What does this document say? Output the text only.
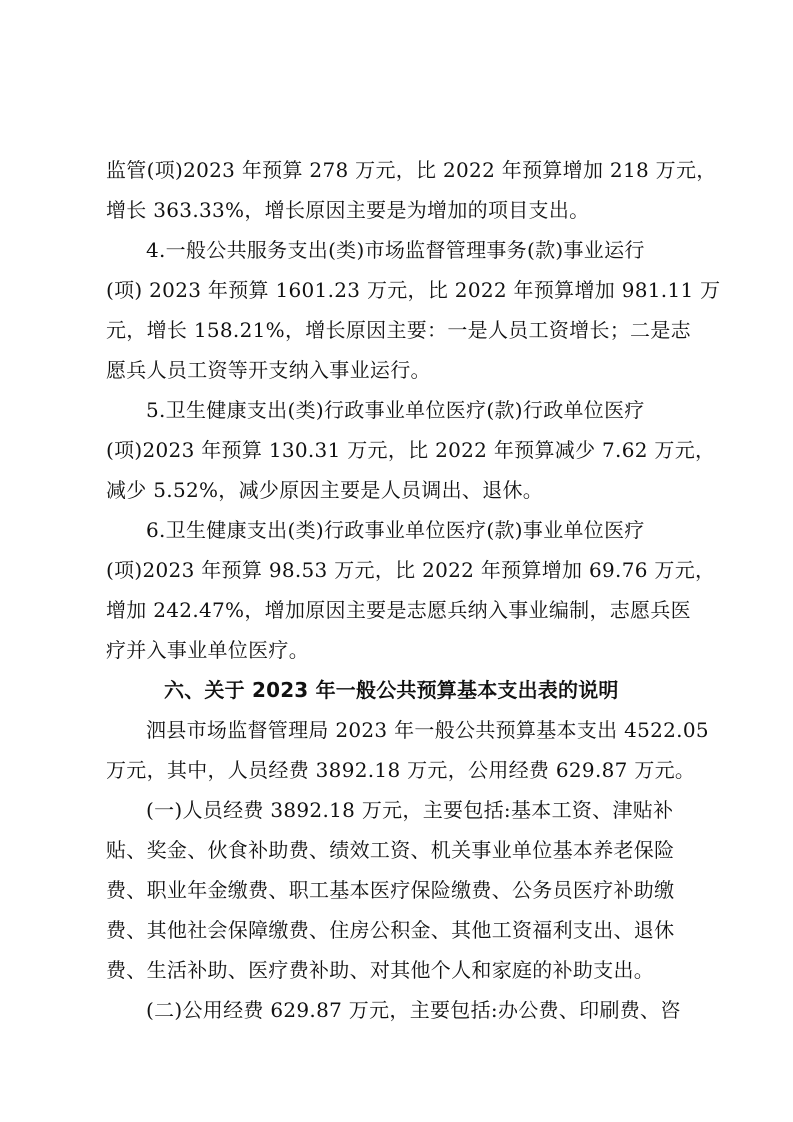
监管(项)2023 年预算 278 万元，比 2022 年预算增加 218 万元，
增长 363.33%，增长原因主要是为增加的项目支出。
4.一般公共服务支出(类)市场监督管理事务(款)事业运行
(项) 2023 年预算 1601.23 万元，比 2022 年预算增加 981.11 万
元，增长 158.21%，增长原因主要：一是人员工资增长；二是志
愿兵人员工资等开支纳入事业运行。
5.卫生健康支出(类)行政事业单位医疗(款)行政单位医疗
(项)2023 年预算 130.31 万元，比 2022 年预算减少 7.62 万元，
减少 5.52%，减少原因主要是人员调出、退休。
6.卫生健康支出(类)行政事业单位医疗(款)事业单位医疗
(项)2023 年预算 98.53 万元，比 2022 年预算增加 69.76 万元，
增加 242.47%，增加原因主要是志愿兵纳入事业编制，志愿兵医
疗并入事业单位医疗。
六、关于 2023 年一般公共预算基本支出表的说明
泗县市场监督管理局 2023 年一般公共预算基本支出 4522.05
万元，其中，人员经费 3892.18 万元，公用经费 629.87 万元。
(一)人员经费 3892.18 万元，主要包括:基本工资、津贴补
贴、奖金、伙食补助费、绩效工资、机关事业单位基本养老保险
费、职业年金缴费、职工基本医疗保险缴费、公务员医疗补助缴
费、其他社会保障缴费、住房公积金、其他工资福利支出、退休
费、生活补助、医疗费补助、对其他个人和家庭的补助支出。
(二)公用经费 629.87 万元，主要包括:办公费、印刷费、咨
